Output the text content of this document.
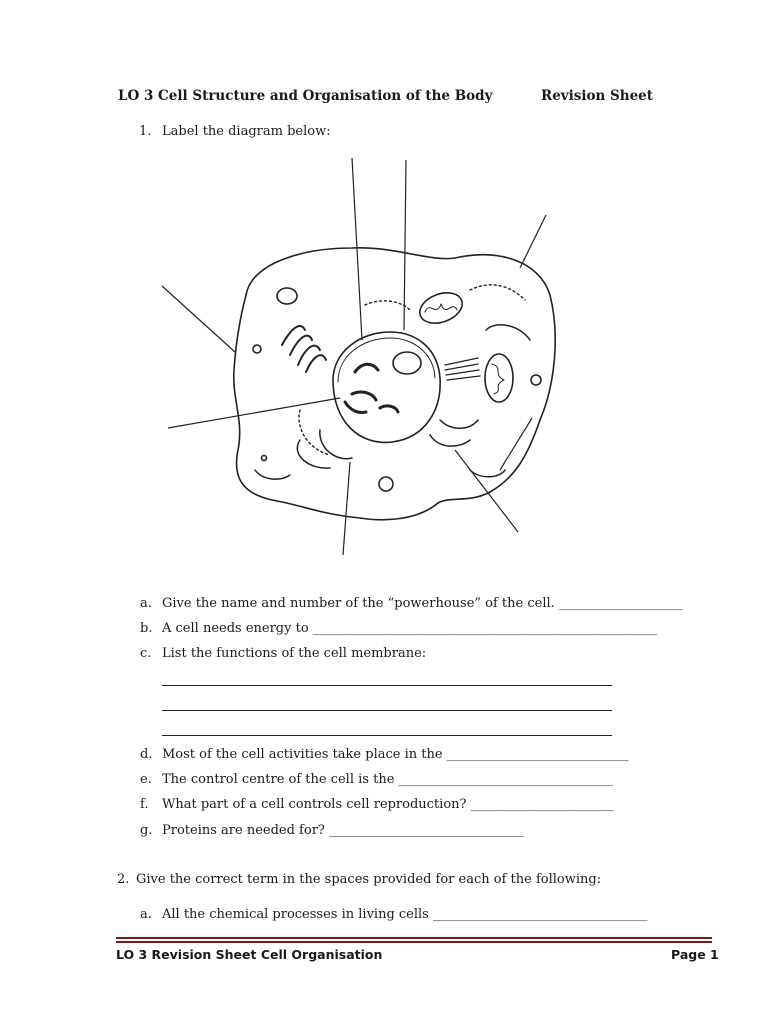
LO 3 Cell Structure and Organisation of the Body	Revision Sheet
1. Label the diagram below:
a. Give the name and number of the “powerhouse” of the cell. ___________________
b. A cell needs energy to _____________________________________________________
c. List the functions of the cell membrane:
d. Most of the cell activities take place in the ____________________________
e. The control centre of the cell is the _________________________________
f. What part of a cell controls cell reproduction? ______________________
g. Proteins are needed for? ______________________________
2. Give the correct term in the spaces provided for each of the following:
a. All the chemical processes in living cells _________________________________
LO 3 Revision Sheet Cell Organisation	Page 1
